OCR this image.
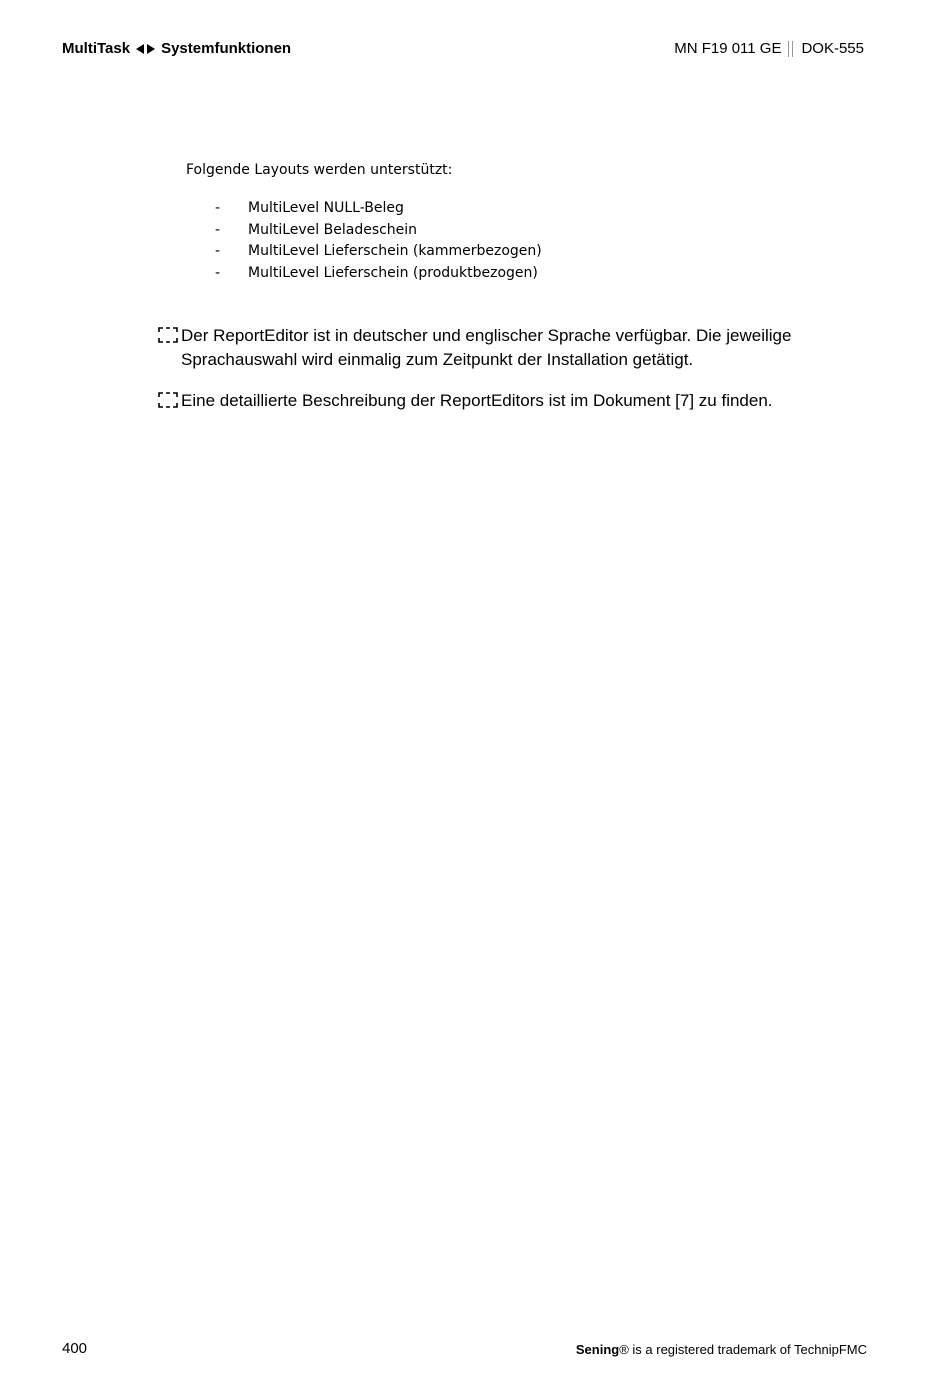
MultiTask Systemfunktionen	MN F19 011 GE DOK-555
Folgende Layouts werden unterstützt:
-	MultiLevel NULL-Beleg
-	MultiLevel Beladeschein
-	MultiLevel Lieferschein (kammerbezogen)
-	MultiLevel Lieferschein (produktbezogen)
Der ReportEditor ist in deutscher und englischer Sprache verfügbar. Die jeweilige Sprachauswahl wird einmalig zum Zeitpunkt der Installation getätigt.
Eine detaillierte Beschreibung der ReportEditors ist im Dokument [7] zu finden.
400	Sening® is a registered trademark of TechnipFMC
